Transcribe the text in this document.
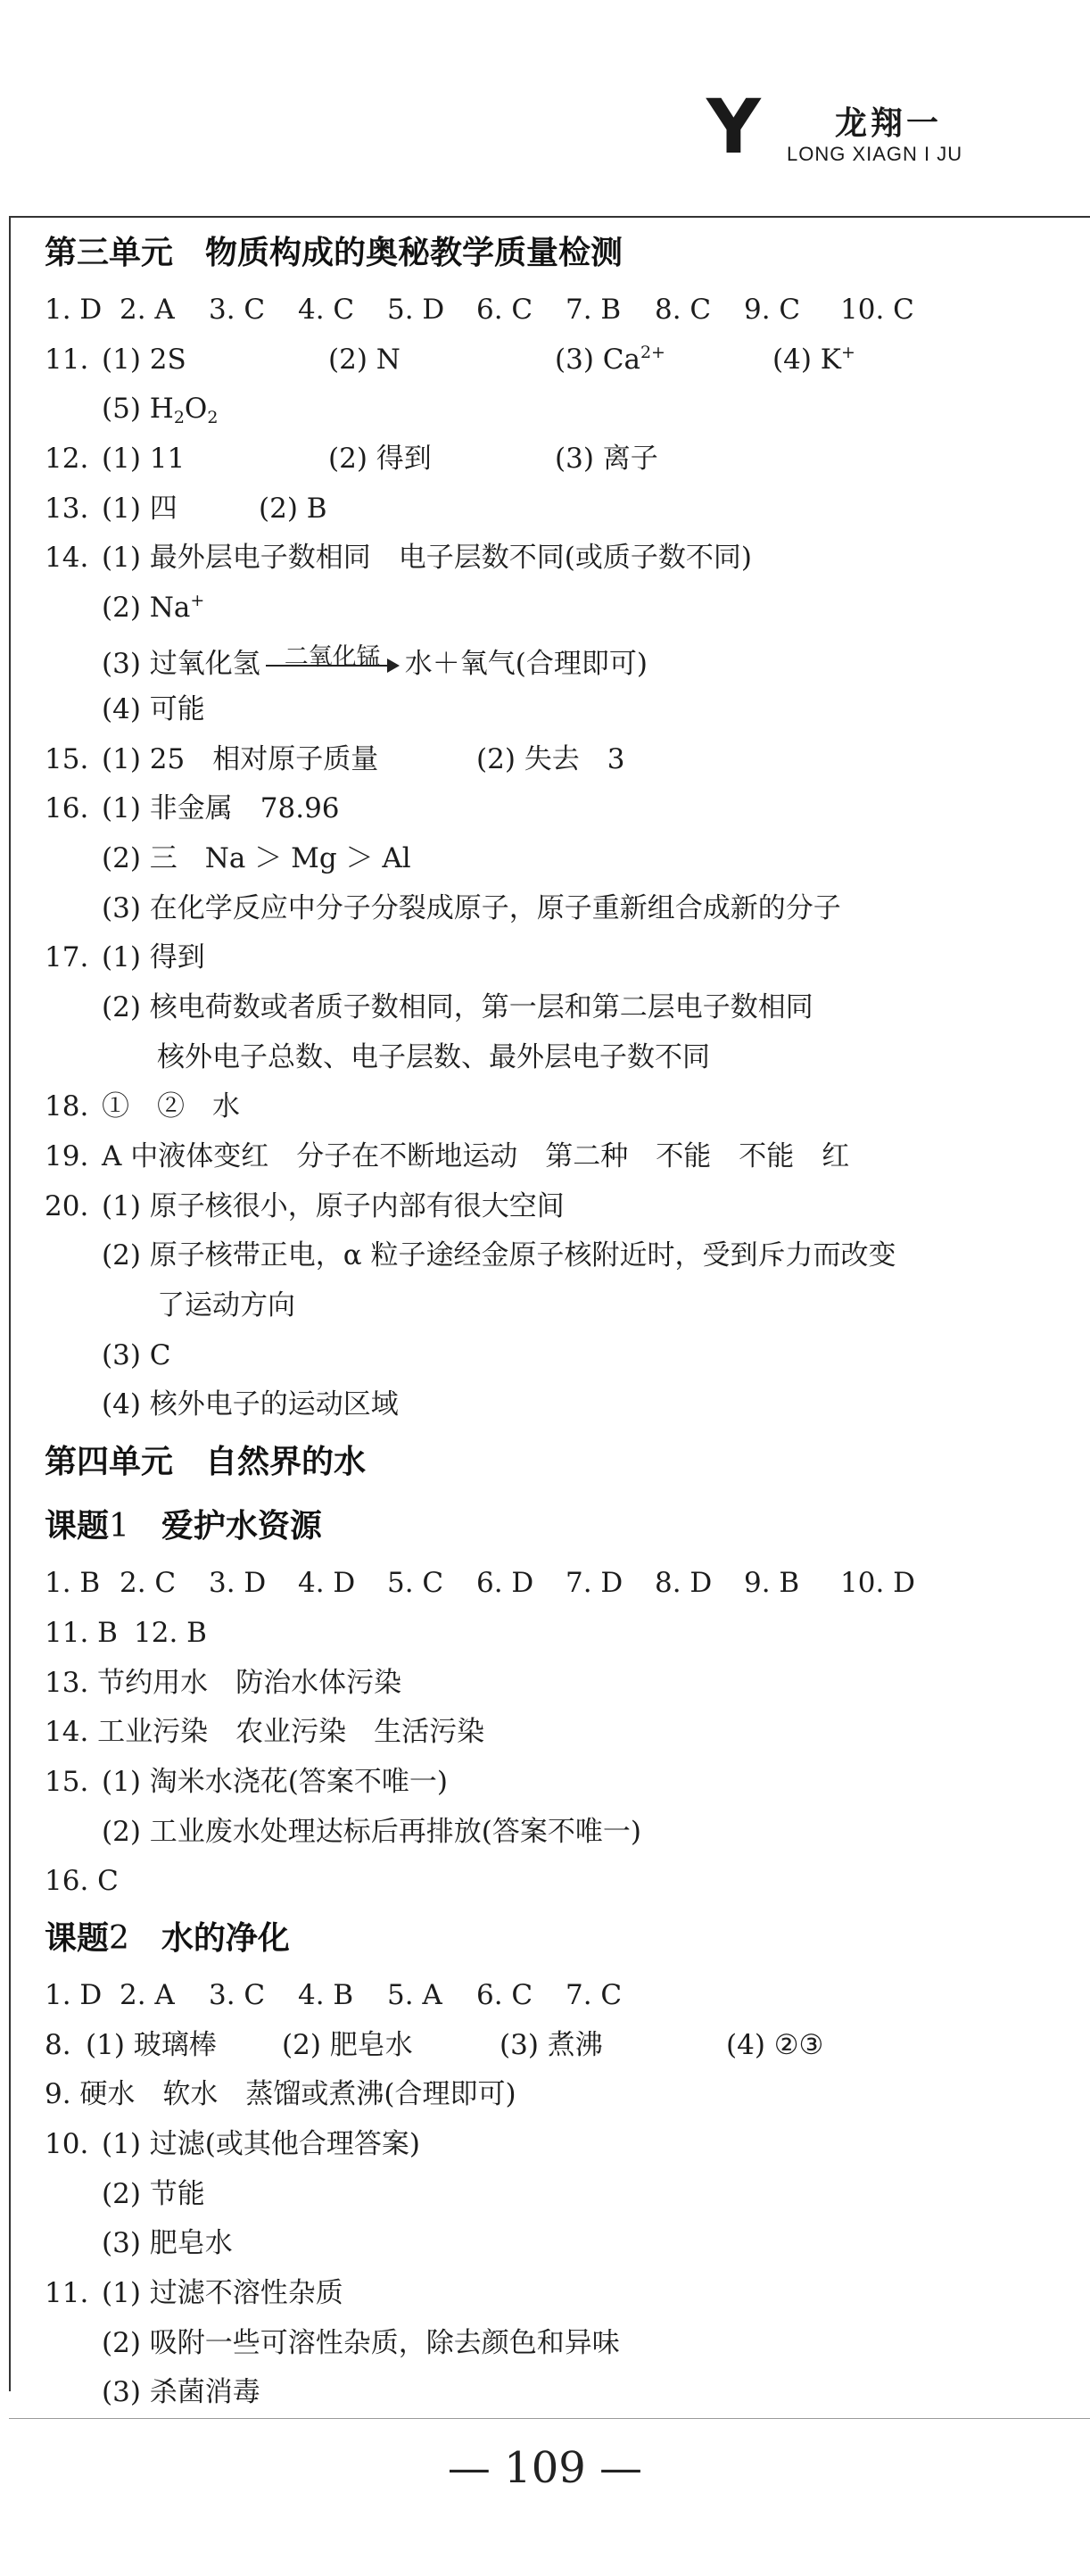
Y 龙翔一
LONG XIAGN I JU
第三单元　物质构成的奥秘教学质量检测
1. D 2. A 3. C 4. C 5. D 6. C 7. B 8. C 9. C 10. C
11. (1) 2S	(2) N	(3) $Ca^{2+}$	(4) K+
(5) $H_2O_2$
12. (1) 11	(2) 得到	(3) 离子
13. (1) 四	(2) B
14. (1) 最外层电子数相同　电子层数不同(或质子数不同)
(2) Na+
(3) 过氧化氢	二氧化锰 水＋氧气(合理即可)
(4) 可能
15. (1) 25　相对原子质量	(2) 失去　3
16. (1) 非金属　78.96
(2) 三　Na ＞ Mg ＞ Al
(3) 在化学反应中分子分裂成原子，原子重新组合成新的分子
17. (1) 得到
(2) 核电荷数或者质子数相同，第一层和第二层电子数相同
核外电子总数、电子层数、最外层电子数不同
18. ①　②　水
19. A 中液体变红　分子在不断地运动　第二种　不能　不能　红
20. (1) 原子核很小，原子内部有很大空间
(2) 原子核带正电，α 粒子途经金原子核附近时，受到斥力而改变
了运动方向
(3) C
(4) 核外电子的运动区域
第四单元　自然界的水
课题1　爱护水资源
1. B 2. C 3. D 4. D 5. C 6. D 7. D 8. D 9. B 10. D
11. B 12. B
13. 节约用水　防治水体污染
14. 工业污染　农业污染　生活污染
15. (1) 淘米水浇花(答案不唯一)
(2) 工业废水处理达标后再排放(答案不唯一)
16. C
课题2　水的净化
1. D 2. A 3. C 4. B 5. A 6. C 7. C
8. (1) 玻璃棒 (2) 肥皂水	(3) 煮沸	(4) ②③
9. 硬水　软水　蒸馏或煮沸(合理即可)
10. (1) 过滤(或其他合理答案)
(2) 节能
(3) 肥皂水
11. (1) 过滤不溶性杂质
(2) 吸附一些可溶性杂质，除去颜色和异味
(3) 杀菌消毒
— 109 —
